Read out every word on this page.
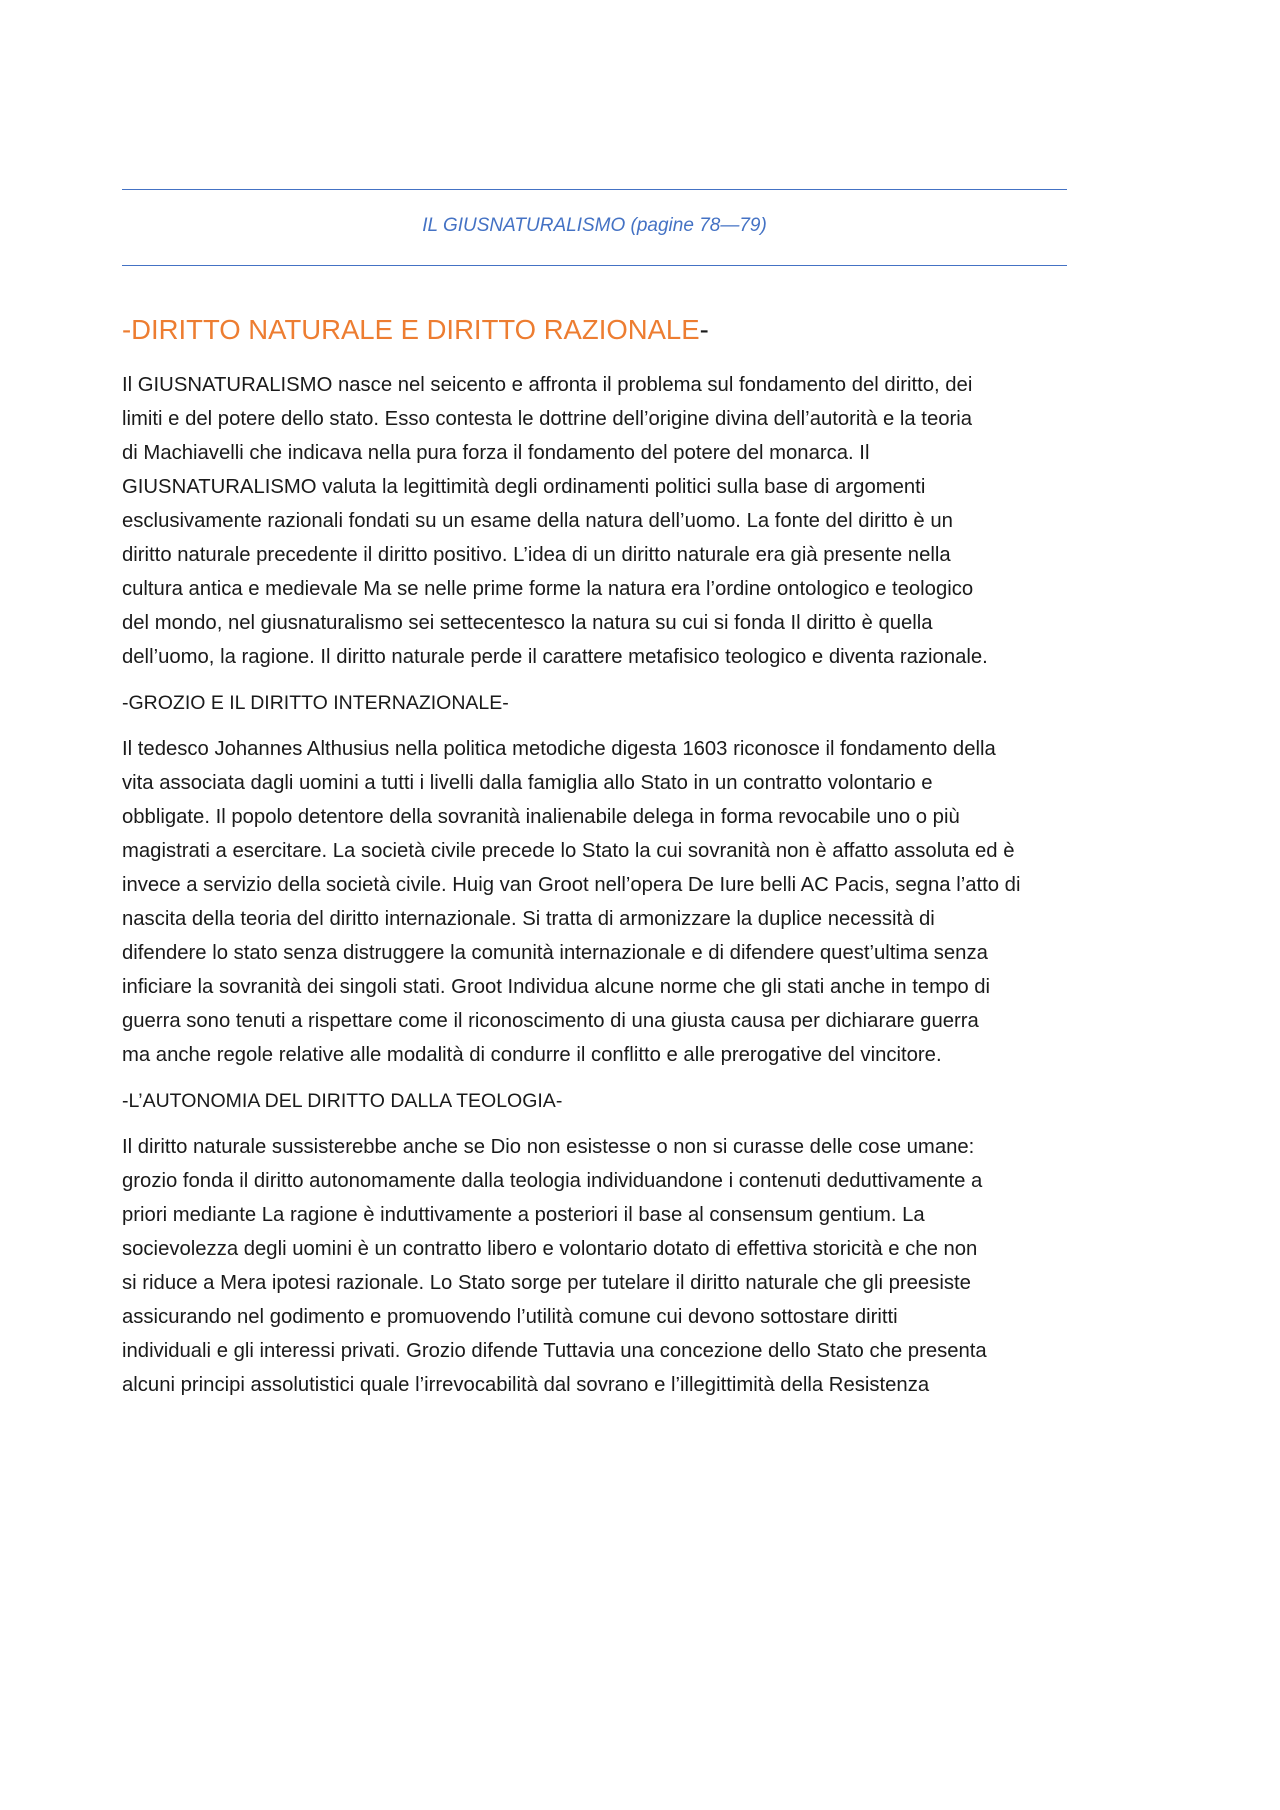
IL GIUSNATURALISMO (pagine 78—79)
-DIRITTO NATURALE E DIRITTO RAZIONALE-

Il GIUSNATURALISMO nasce nel seicento e affronta il problema sul fondamento del diritto, dei
limiti e del potere dello stato. Esso contesta le dottrine dell’origine divina dell’autorità e la teoria
di Machiavelli che indicava nella pura forza il fondamento del potere del monarca. Il
GIUSNATURALISMO valuta la legittimità degli ordinamenti politici sulla base di argomenti
esclusivamente razionali fondati su un esame della natura dell’uomo. La fonte del diritto è un
diritto naturale precedente il diritto positivo. L’idea di un diritto naturale era già presente nella
cultura antica e medievale Ma se nelle prime forme la natura era l’ordine ontologico e teologico
del mondo, nel giusnaturalismo sei settecentesco la natura su cui si fonda Il diritto è quella
dell’uomo, la ragione. Il diritto naturale perde il carattere metafisico teologico e diventa razionale.

-GROZIO E IL DIRITTO INTERNAZIONALE-

Il tedesco Johannes Althusius nella politica metodiche digesta 1603 riconosce il fondamento della
vita associata dagli uomini a tutti i livelli dalla famiglia allo Stato in un contratto volontario e
obbligate. Il popolo detentore della sovranità inalienabile delega in forma revocabile uno o più
magistrati a esercitare. La società civile precede lo Stato la cui sovranità non è affatto assoluta ed è
invece a servizio della società civile. Huig van Groot nell’opera De Iure belli AC Pacis, segna l’atto di
nascita della teoria del diritto internazionale. Si tratta di armonizzare la duplice necessità di
difendere lo stato senza distruggere la comunità internazionale e di difendere quest’ultima senza
inficiare la sovranità dei singoli stati. Groot Individua alcune norme che gli stati anche in tempo di
guerra sono tenuti a rispettare come il riconoscimento di una giusta causa per dichiarare guerra
ma anche regole relative alle modalità di condurre il conflitto e alle prerogative del vincitore.

-L’AUTONOMIA DEL DIRITTO DALLA TEOLOGIA-

Il diritto naturale sussisterebbe anche se Dio non esistesse o non si curasse delle cose umane:
grozio fonda il diritto autonomamente dalla teologia individuandone i contenuti deduttivamente a
priori mediante La ragione è induttivamente a posteriori il base al consensum gentium. La
socievolezza degli uomini è un contratto libero e volontario dotato di effettiva storicità e che non
si riduce a Mera ipotesi razionale. Lo Stato sorge per tutelare il diritto naturale che gli preesiste
assicurando nel godimento e promuovendo l’utilità comune cui devono sottostare diritti
individuali e gli interessi privati. Grozio difende Tuttavia una concezione dello Stato che presenta
alcuni principi assolutistici quale l’irrevocabilità dal sovrano e l’illegittimità della Resistenza
